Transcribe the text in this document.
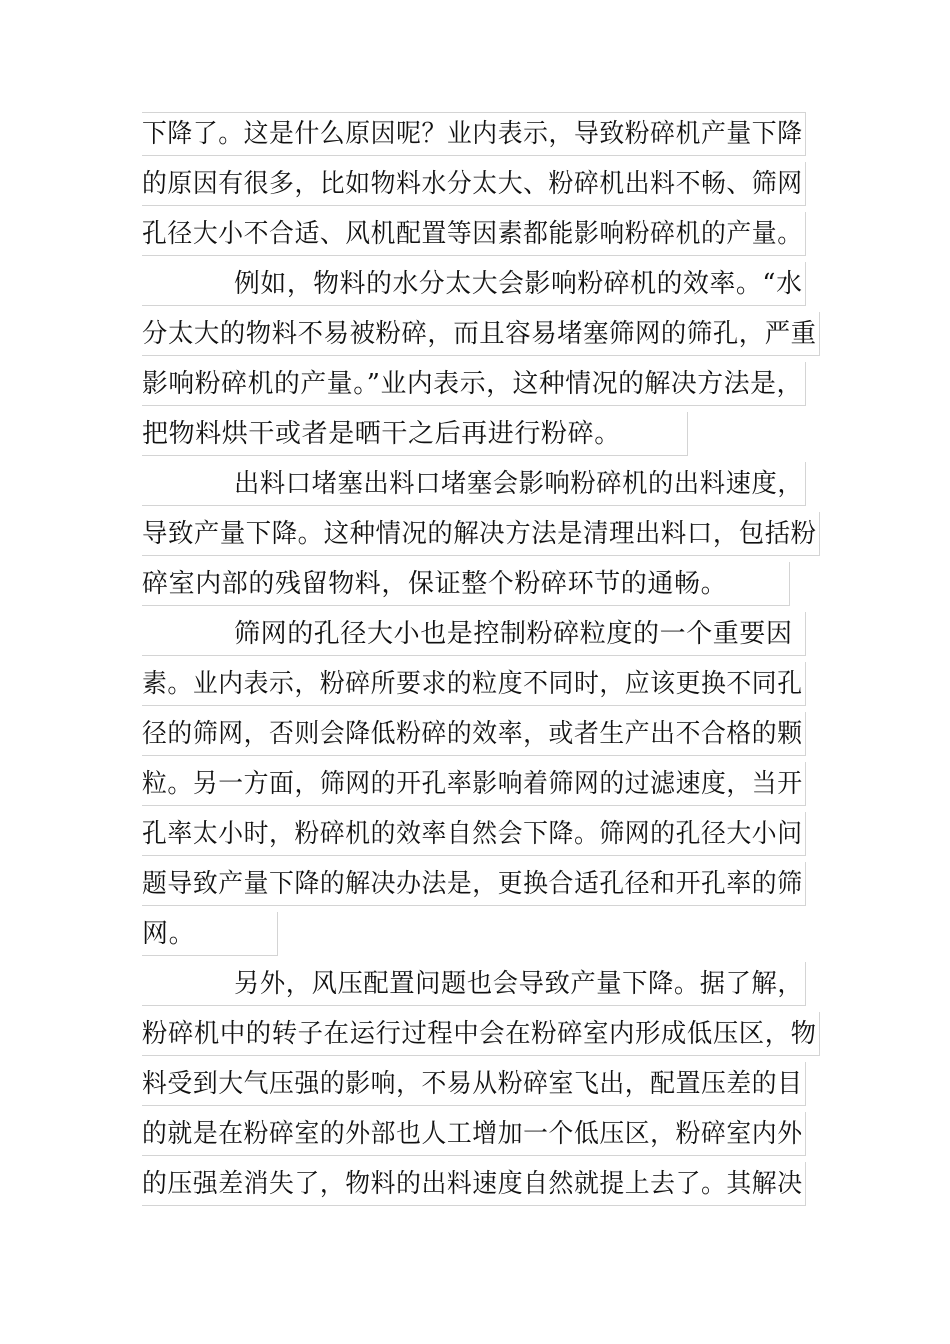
下降了。这是什么原因呢？业内表示，导致粉碎机产量下降
的原因有很多，比如物料水分太大、粉碎机出料不畅、筛网
孔径大小不合适、风机配置等因素都能影响粉碎机的产量。
例如，物料的水分太大会影响粉碎机的效率。“水
分太大的物料不易被粉碎，而且容易堵塞筛网的筛孔，严重
影响粉碎机的产量。”业内表示，这种情况的解决方法是，
把物料烘干或者是晒干之后再进行粉碎。
出料口堵塞出料口堵塞会影响粉碎机的出料速度，
导致产量下降。这种情况的解决方法是清理出料口，包括粉
碎室内部的残留物料，保证整个粉碎环节的通畅。
筛网的孔径大小也是控制粉碎粒度的一个重要因
素。业内表示，粉碎所要求的粒度不同时，应该更换不同孔
径的筛网，否则会降低粉碎的效率，或者生产出不合格的颗
粒。另一方面，筛网的开孔率影响着筛网的过滤速度，当开
孔率太小时，粉碎机的效率自然会下降。筛网的孔径大小问
题导致产量下降的解决办法是，更换合适孔径和开孔率的筛
网。
另外，风压配置问题也会导致产量下降。据了解，
粉碎机中的转子在运行过程中会在粉碎室内形成低压区，物
料受到大气压强的影响，不易从粉碎室飞出，配置压差的目
的就是在粉碎室的外部也人工增加一个低压区，粉碎室内外
的压强差消失了，物料的出料速度自然就提上去了。其解决
